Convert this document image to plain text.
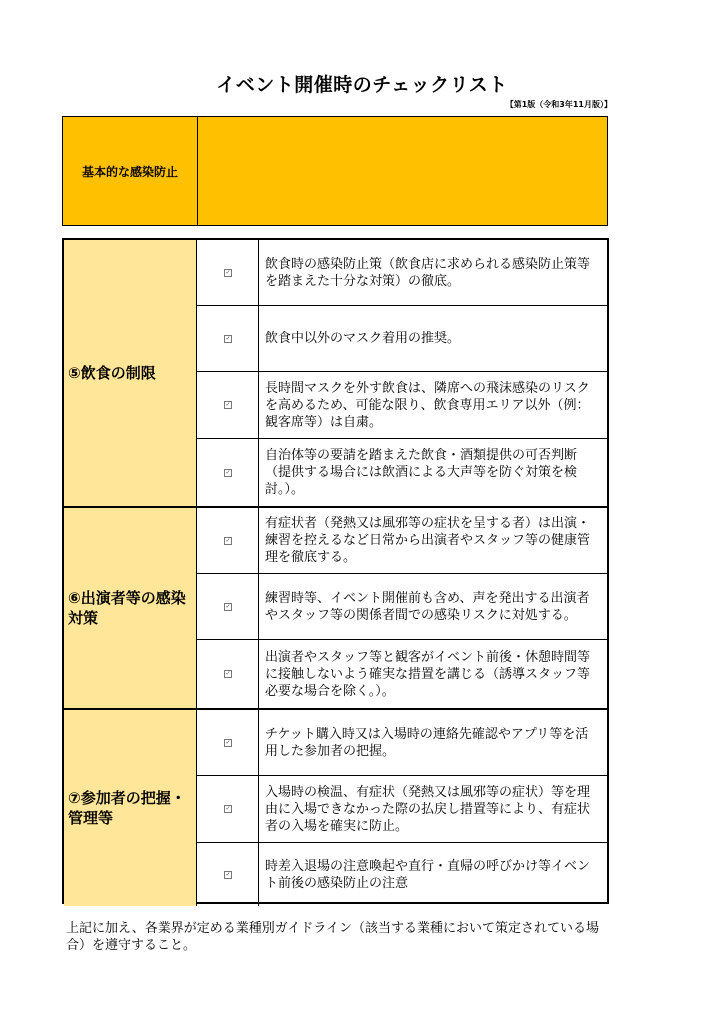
イベント開催時のチェックリスト
【第1版（令和3年11月版）】
基本的な感染防止
⑤飲食の制限
✓
飲食時の感染防止策（飲食店に求められる感染防止策等を踏まえた十分な対策）の徹底。
✓	飲食中以外のマスク着用の推奨。
✓
長時間マスクを外す飲食は、隣席への飛沫感染のリスクを高めるため、可能な限り、飲食専用エリア以外（例：観客席等）は自粛。
✓
自治体等の要請を踏まえた飲食・酒類提供の可否判断（提供する場合には飲酒による大声等を防ぐ対策を検討。）。
⑥出演者等の感染対策
✓
有症状者（発熱又は風邪等の症状を呈する者）は出演・練習を控えるなど日常から出演者やスタッフ等の健康管理を徹底する。
✓
練習時等、イベント開催前も含め、声を発出する出演者やスタッフ等の関係者間での感染リスクに対処する。
✓
出演者やスタッフ等と観客がイベント前後・休憩時間等に接触しないよう確実な措置を講じる（誘導スタッフ等必要な場合を除く。）。
⑦参加者の把握・管理等
✓
チケット購入時又は入場時の連絡先確認やアプリ等を活用した参加者の把握。
✓
入場時の検温、有症状（発熱又は風邪等の症状）等を理由に入場できなかった際の払戻し措置等により、有症状者の入場を確実に防止。
✓
時差入退場の注意喚起や直行・直帰の呼びかけ等イベント前後の感染防止の注意
上記に加え、各業界が定める業種別ガイドライン（該当する業種において策定されている場合）を遵守すること。
